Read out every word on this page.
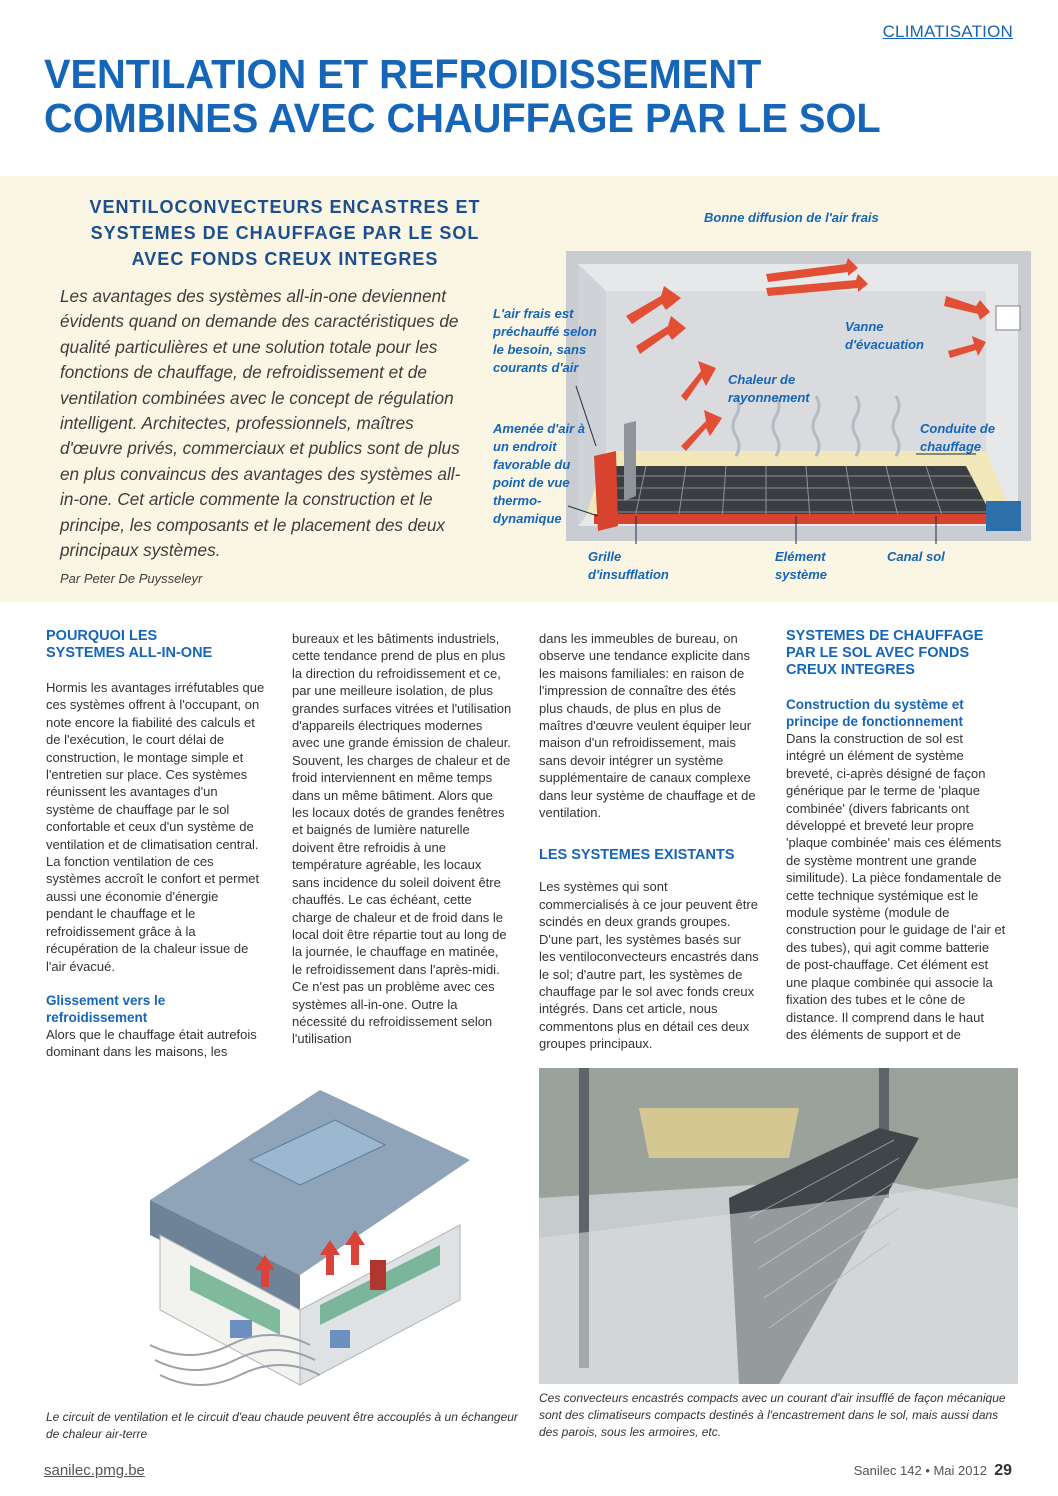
CLIMATISATION
VENTILATION ET REFROIDISSEMENT
COMBINES AVEC CHAUFFAGE PAR LE SOL
VENTILOCONVECTEURS ENCASTRES ET
SYSTEMES DE CHAUFFAGE PAR LE SOL
AVEC FONDS CREUX INTEGRES
Les avantages des systèmes all-in-one deviennent évidents quand on demande des caractéristiques de qualité particulières et une solution totale pour les fonctions de chauffage, de refroidissement et de ventilation combinées avec le concept de régulation intelligent. Architectes, professionnels, maîtres d'œuvre privés, commerciaux et publics sont de plus en plus convaincus des avantages des systèmes all-in-one. Cet article commente la construction et le principe, les composants et le placement des deux principaux systèmes.
Par Peter De Puysseleyr
Bonne diffusion de l'air frais
L'air frais est préchauffé selon le besoin, sans courants d'air
Vanne d'évacuation
Chaleur de rayonnement
Amenée d'air à un endroit favorable du point de vue thermo-dynamique
Conduite de chauffage
Grille d'insufflation
Elément système
Canal sol
POURQUOI LES SYSTEMES ALL-IN-ONE

Hormis les avantages irréfutables que ces systèmes offrent à l'occupant, on note encore la fiabilité des calculs et de l'exécution, le court délai de construction, le montage simple et l'entretien sur place. Ces systèmes réunissent les avantages d'un système de chauffage par le sol confortable et ceux d'un système de ventilation et de climatisation central. La fonction ventilation de ces systèmes accroît le confort et permet aussi une économie d'énergie pendant le chauffage et le refroidissement grâce à la récupération de la chaleur issue de l'air évacué.

Glissement vers le refroidissement

Alors que le chauffage était autrefois dominant dans les maisons, les

bureaux et les bâtiments industriels, cette tendance prend de plus en plus la direction du refroidissement et ce, par une meilleure isolation, de plus grandes surfaces vitrées et l'utilisation d'appareils électriques modernes avec une grande émission de chaleur. Souvent, les charges de chaleur et de froid interviennent en même temps dans un même bâtiment. Alors que les locaux dotés de grandes fenêtres et baignés de lumière naturelle doivent être refroidis à une température agréable, les locaux sans incidence du soleil doivent être chauffés. Le cas échéant, cette charge de chaleur et de froid dans le local doit être répartie tout au long de la journée, le chauffage en matinée, le refroidissement dans l'après-midi.

Ce n'est pas un problème avec ces systèmes all-in-one. Outre la nécessité du refroidissement selon l'utilisation

dans les immeubles de bureau, on observe une tendance explicite dans les maisons familiales: en raison de l'impression de connaître des étés plus chauds, de plus en plus de maîtres d'œuvre veulent équiper leur maison d'un refroidissement, mais sans devoir intégrer un système supplémentaire de canaux complexe dans leur système de chauffage et de ventilation.

LES SYSTEMES EXISTANTS

Les systèmes qui sont commercialisés à ce jour peuvent être scindés en deux grands groupes.

D'une part, les systèmes basés sur les ventiloconvecteurs encastrés dans le sol; d'autre part, les systèmes de chauffage par le sol avec fonds creux intégrés. Dans cet article, nous commentons plus en détail ces deux groupes principaux.

SYSTEMES DE CHAUFFAGE PAR LE SOL AVEC FONDS CREUX INTEGRES
Construction du système et principe de fonctionnement

Dans la construction de sol est intégré un élément de système breveté, ci-après désigné de façon générique par le terme de 'plaque combinée' (divers fabricants ont développé et breveté leur propre 'plaque combinée' mais ces éléments de système montrent une grande similitude). La pièce fondamentale de cette technique systémique est le module système (module de construction pour le guidage de l'air et des tubes), qui agit comme batterie de post-chauffage. Cet élément est une plaque combinée qui associe la fixation des tubes et le cône de distance. Il comprend dans le haut des éléments de support et de

Le circuit de ventilation et le circuit d'eau chaude peuvent être accouplés à un échangeur de chaleur air-terre
Ces convecteurs encastrés compacts avec un courant d'air insufflé de façon mécanique sont des climatiseurs compacts destinés à l'encastrement dans le sol, mais aussi dans des parois, sous les armoires, etc.
sanilec.pmg.be	Sanilec 142 • Mai 2012 29
